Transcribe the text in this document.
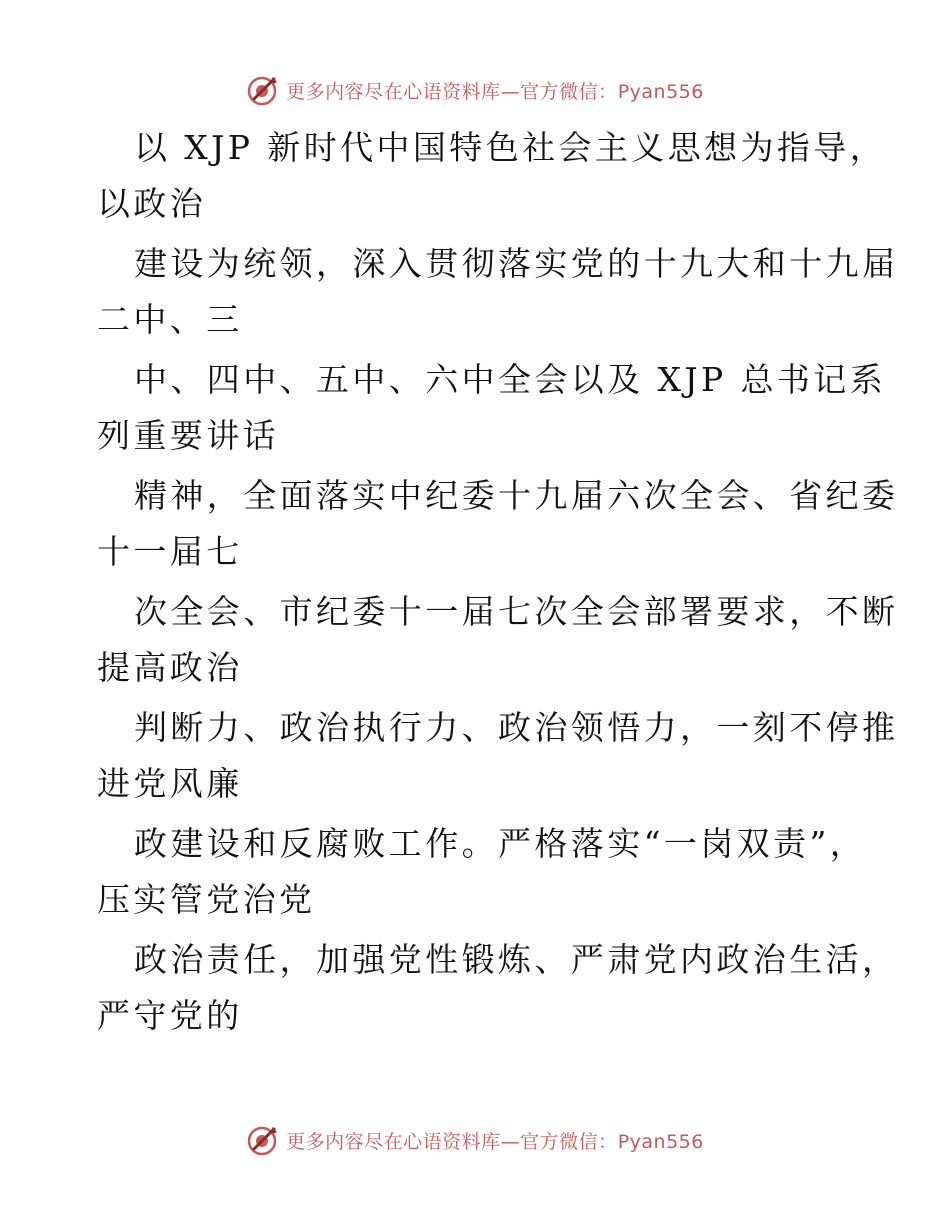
更多内容尽在心语资料库—官方微信：Pyan556
以 XJP 新时代中国特色社会主义思想为指导，
以政治
建设为统领，深入贯彻落实党的十九大和十九届
二中、三
中、四中、五中、六中全会以及 XJP 总书记系
列重要讲话
精神，全面落实中纪委十九届六次全会、省纪委
十一届七
次全会、市纪委十一届七次全会部署要求，不断
提高政治
判断力、政治执行力、政治领悟力，一刻不停推
进党风廉
政建设和反腐败工作。严格落实“一岗双责”，
压实管党治党
政治责任，加强党性锻炼、严肃党内政治生活，
严守党的
更多内容尽在心语资料库—官方微信：Pyan556
